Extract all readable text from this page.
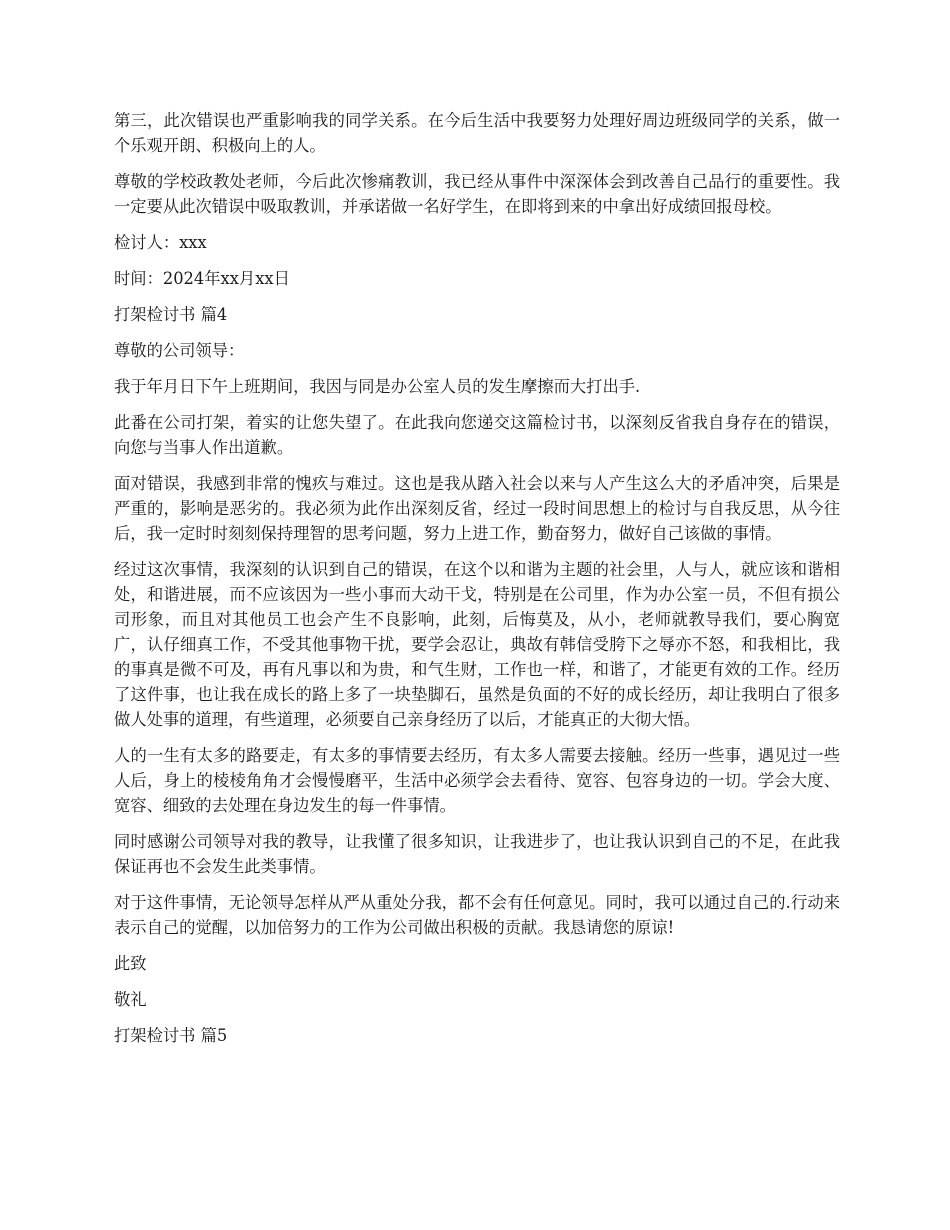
第三，此次错误也严重影响我的同学关系。在今后生活中我要努力处理好周边班级同学的关系，做一个乐观开朗、积极向上的人。

尊敬的学校政教处老师，今后此次惨痛教训，我已经从事件中深深体会到改善自己品行的重要性。我一定要从此次错误中吸取教训，并承诺做一名好学生，在即将到来的中拿出好成绩回报母校。

检讨人：xxx

时间：2024年xx月xx日

打架检讨书 篇4

尊敬的公司领导：

我于年月日下午上班期间，我因与同是办公室人员的发生摩擦而大打出手.

此番在公司打架，着实的让您失望了。在此我向您递交这篇检讨书，以深刻反省我自身存在的错误，向您与当事人作出道歉。

面对错误，我感到非常的愧疚与难过。这也是我从踏入社会以来与人产生这么大的矛盾冲突，后果是严重的，影响是恶劣的。我必须为此作出深刻反省，经过一段时间思想上的检讨与自我反思，从今往后，我一定时时刻刻保持理智的思考问题，努力上进工作，勤奋努力，做好自己该做的事情。

经过这次事情，我深刻的认识到自己的错误，在这个以和谐为主题的社会里，人与人，就应该和谐相处，和谐进展，而不应该因为一些小事而大动干戈，特别是在公司里，作为办公室一员，不但有损公司形象，而且对其他员工也会产生不良影响，此刻，后悔莫及，从小，老师就教导我们，要心胸宽广，认仔细真工作，不受其他事物干扰，要学会忍让，典故有韩信受胯下之辱亦不怒，和我相比，我的事真是微不可及，再有凡事以和为贵，和气生财，工作也一样，和谐了，才能更有效的工作。经历了这件事，也让我在成长的路上多了一块垫脚石，虽然是负面的不好的成长经历，却让我明白了很多做人处事的道理，有些道理，必须要自己亲身经历了以后，才能真正的大彻大悟。

人的一生有太多的路要走，有太多的事情要去经历，有太多人需要去接触。经历一些事，遇见过一些人后，身上的棱棱角角才会慢慢磨平，生活中必须学会去看待、宽容、包容身边的一切。学会大度、宽容、细致的去处理在身边发生的每一件事情。

同时感谢公司领导对我的教导，让我懂了很多知识，让我进步了，也让我认识到自己的不足，在此我保证再也不会发生此类事情。

对于这件事情，无论领导怎样从严从重处分我，都不会有任何意见。同时，我可以通过自己的.行动来表示自己的觉醒，以加倍努力的工作为公司做出积极的贡献。我恳请您的原谅!

此致

敬礼

打架检讨书 篇5
